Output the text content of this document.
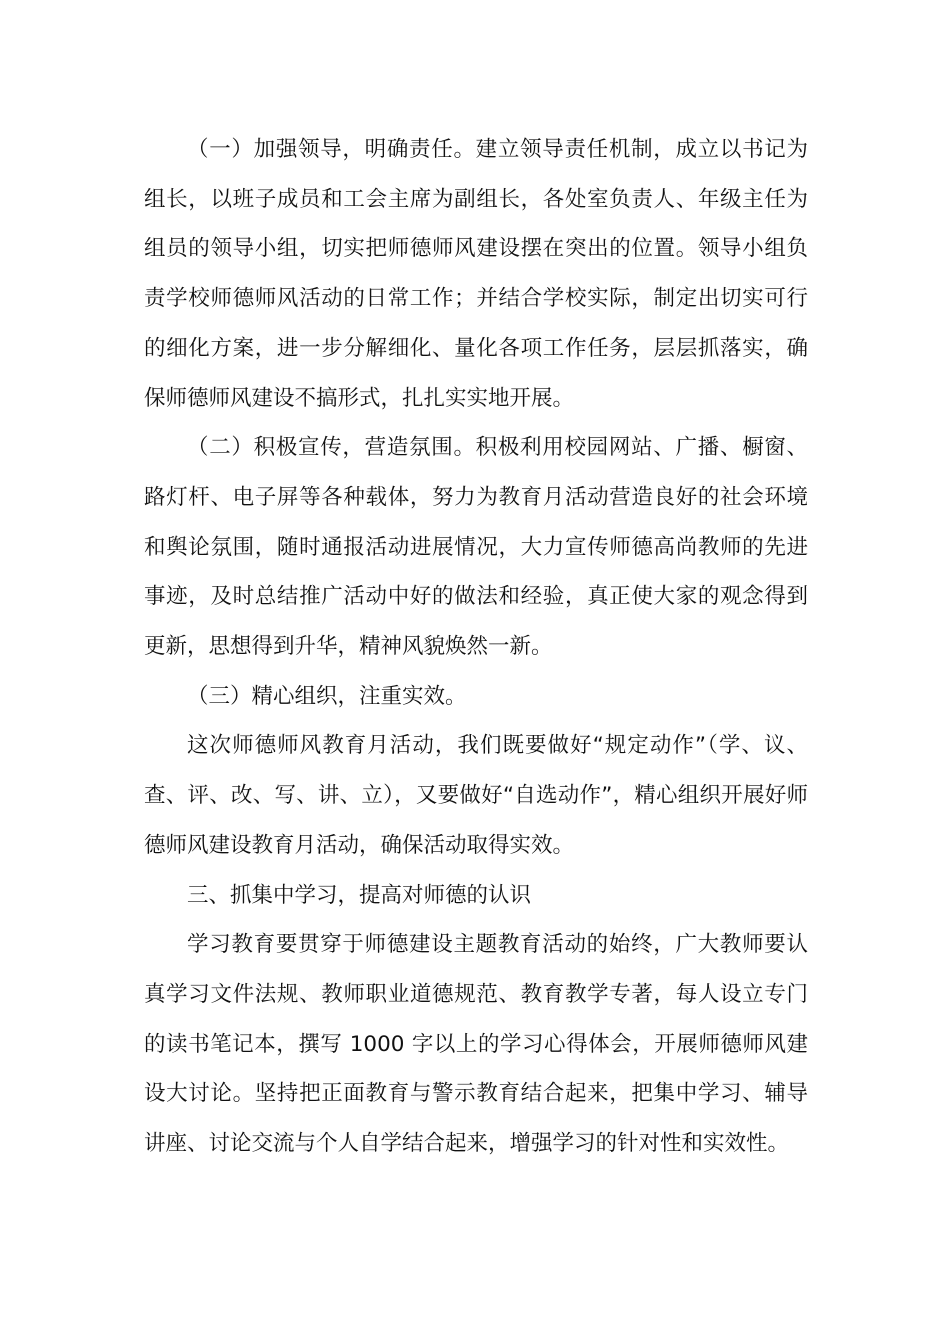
（一）加强领导，明确责任。建立领导责任机制，成立以书记为组长，以班子成员和工会主席为副组长，各处室负责人、年级主任为组员的领导小组，切实把师德师风建设摆在突出的位置。领导小组负责学校师德师风活动的日常工作；并结合学校实际，制定出切实可行的细化方案，进一步分解细化、量化各项工作任务，层层抓落实，确保师德师风建设不搞形式，扎扎实实地开展。

（二）积极宣传，营造氛围。积极利用校园网站、广播、橱窗、路灯杆、电子屏等各种载体，努力为教育月活动营造良好的社会环境和舆论氛围，随时通报活动进展情况，大力宣传师德高尚教师的先进事迹，及时总结推广活动中好的做法和经验，真正使大家的观念得到更新，思想得到升华，精神风貌焕然一新。

（三）精心组织，注重实效。

这次师德师风教育月活动，我们既要做好“规定动作”（学、议、查、评、改、写、讲、立），又要做好“自选动作”，精心组织开展好师德师风建设教育月活动，确保活动取得实效。

三、抓集中学习，提高对师德的认识

学习教育要贯穿于师德建设主题教育活动的始终，广大教师要认真学习文件法规、教师职业道德规范、教育教学专著，每人设立专门的读书笔记本，撰写 1000 字以上的学习心得体会，开展师德师风建设大讨论。坚持把正面教育与警示教育结合起来，把集中学习、辅导讲座、讨论交流与个人自学结合起来，增强学习的针对性和实效性。
